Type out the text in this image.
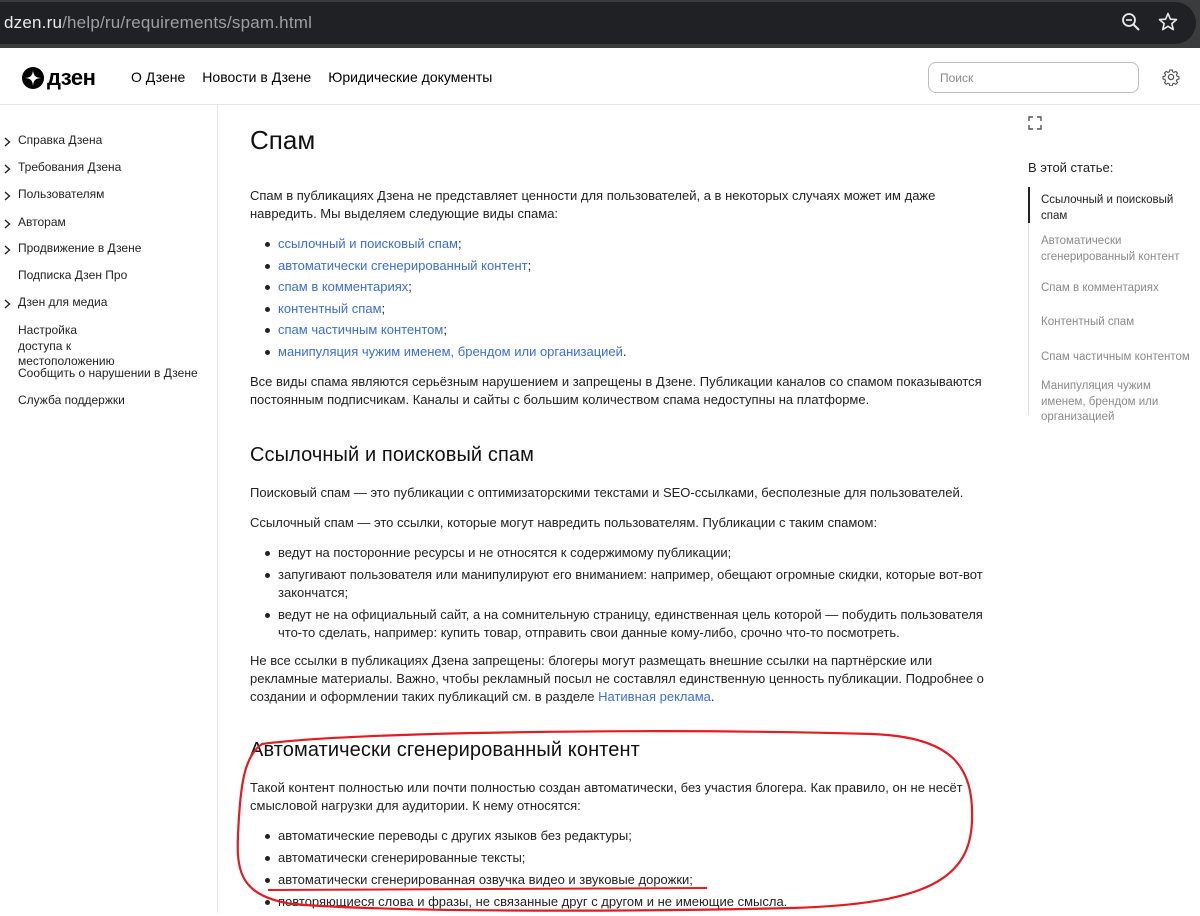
dzen.ru/help/ru/requirements/spam.html
дзен	О Дзене Новости в Дзене Юридические документы
Поиск
Справка Дзена
Требования Дзена
Пользователям
Авторам
Продвижение в Дзене
Подписка Дзен Про
Дзен для медиа
Настройка доступа к местоположению
Сообщить о нарушении в Дзене
Служба поддержки
Спам

Спам в публикациях Дзена не представляет ценности для пользователей, а в некоторых случаях может им даже навредить. Мы выделяем следующие виды спама:

ссылочный и поисковый спам;
автоматически сгенерированный контент;
спам в комментариях;
контентный спам;
спам частичным контентом;
манипуляция чужим именем, брендом или организацией.

Все виды спама являются серьёзным нарушением и запрещены в Дзене. Публикации каналов со спамом показываются постоянным подписчикам. Каналы и сайты с большим количеством спама недоступны на платформе.

Ссылочный и поисковый спам

Поисковый спам — это публикации с оптимизаторскими текстами и SEO-ссылками, бесполезные для пользователей.

Ссылочный спам — это ссылки, которые могут навредить пользователям. Публикации с таким спамом:

ведут на посторонние ресурсы и не относятся к содержимому публикации;
запугивают пользователя или манипулируют его вниманием: например, обещают огромные скидки, которые вот-вот закончатся;
ведут не на официальный сайт, а на сомнительную страницу, единственная цель которой — побудить пользователя что-то сделать, например: купить товар, отправить свои данные кому-либо, срочно что-то посмотреть.

Не все ссылки в публикациях Дзена запрещены: блогеры могут размещать внешние ссылки на партнёрские или рекламные материалы. Важно, чтобы рекламный посыл не составлял единственную ценность публикации. Подробнее о создании и оформлении таких публикаций см. в разделе Нативная реклама.

Автоматически сгенерированный контент

Такой контент полностью или почти полностью создан автоматически, без участия блогера. Как правило, он не несёт смысловой нагрузки для аудитории. К нему относятся:

автоматические переводы с других языков без редактуры;
автоматически сгенерированные тексты;
автоматически сгенерированная озвучка видео и звуковые дорожки;
повторяющиеся слова и фразы, не связанные друг с другом и не имеющие смысла.
В этой статье:
Ссылочный и поисковый спам
Автоматически сгенерированный контент
Спам в комментариях
Контентный спам
Спам частичным контентом
Манипуляция чужим именем, брендом или организацией
